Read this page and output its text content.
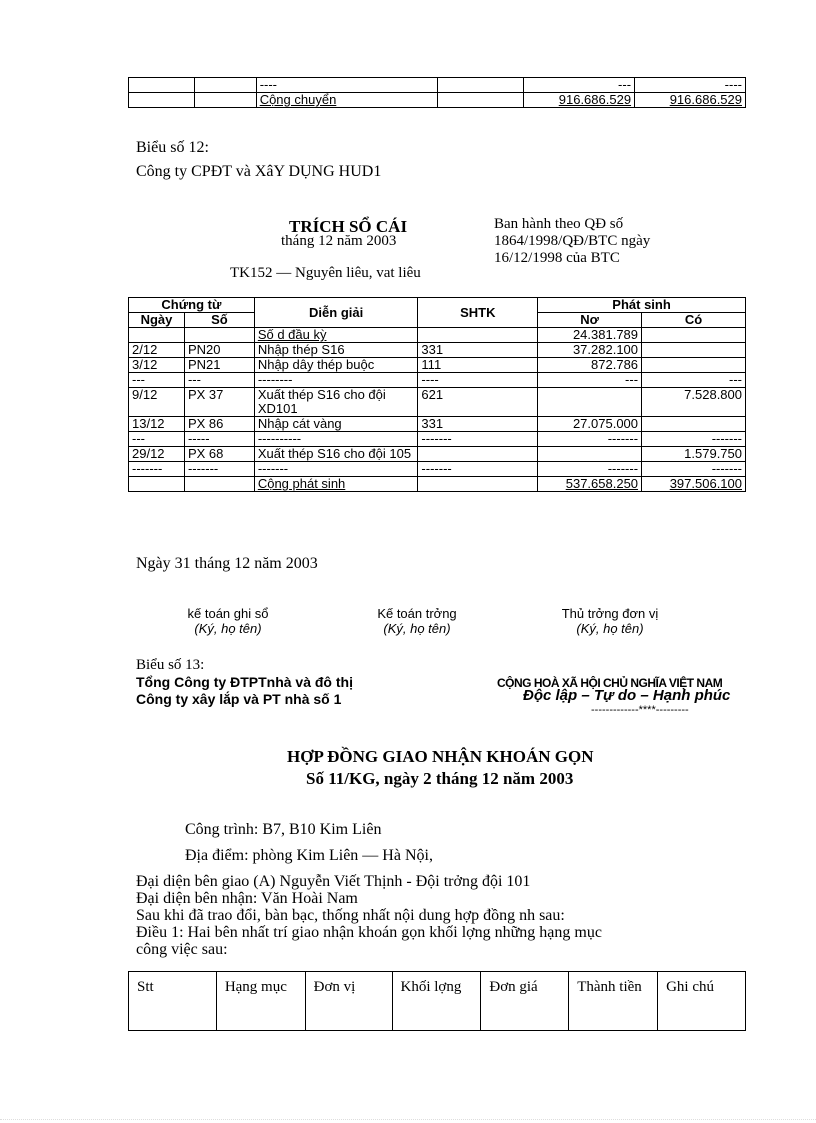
		----		---	----
		Cộng chuyển		916.686.529	916.686.529
Biểu số 12:
Công ty CPĐT và XâY DỤNG HUD1
TRÍCH SỔ CÁI
tháng 12 năm 2003
Ban hành theo QĐ số
1864/1998/QĐ/BTC ngày
16/12/1998 của BTC
TK152 — Nguyên liêu, vat liêu
Chứng từ		Diễn giải	SHTK	Phát sinh	
Ngày	Số			Nơ	Có
		Số d đầu kỳ		24.381.789	
2/12	PN20	Nhập thép S16	331	37.282.100	
3/12	PN21	Nhập dây thép buộc	111	872.786	
---	---	--------	----	---	---
9/12	PX 37	Xuất thép S16 cho đội XD101	621		7.528.800
13/12	PX 86	Nhập cát vàng	331	27.075.000	
---	-----	----------	-------	-------	-------
29/12	PX 68	Xuất thép S16 cho đội 105			1.579.750
-------	-------	-------	-------	-------	-------
		Cộng phát sinh		537.658.250	397.506.100
Ngày 31 tháng 12 năm 2003
kế toán ghi sổ
(Ký, họ tên)
Kế toán trởng
(Ký, họ tên)
Thủ trởng đơn vị
(Ký, họ tên)
Biểu số 13:
Tổng Công ty ĐTPTnhà và đô thị
Công ty xây lắp và PT nhà số 1
CỘNG HOÀ XÃ HỘI CHỦ NGHĨA VIỆT NAM
Độc lập – Tự do – Hạnh phúc
-------------****---------
HỢP ĐỒNG GIAO NHẬN KHOÁN GỌN
Số 11/KG, ngày 2 tháng 12 năm 2003
Công trình: B7, B10 Kim Liên
Địa điểm: phòng Kim Liên — Hà Nội,
Đại diện bên giao (A) Nguyễn Viết Thịnh - Đội trởng đội 101
Đại diện bên nhận: Văn Hoài Nam
Sau khi đã trao đổi, bàn bạc, thống nhất nội dung hợp đồng nh sau:
Điều 1: Hai bên nhất trí giao nhận khoán gọn khối lợng những hạng mục
công việc sau:
Stt	Hạng mục	Đơn vị	Khối lợng	Đơn giá	Thành tiền	Ghi chú
